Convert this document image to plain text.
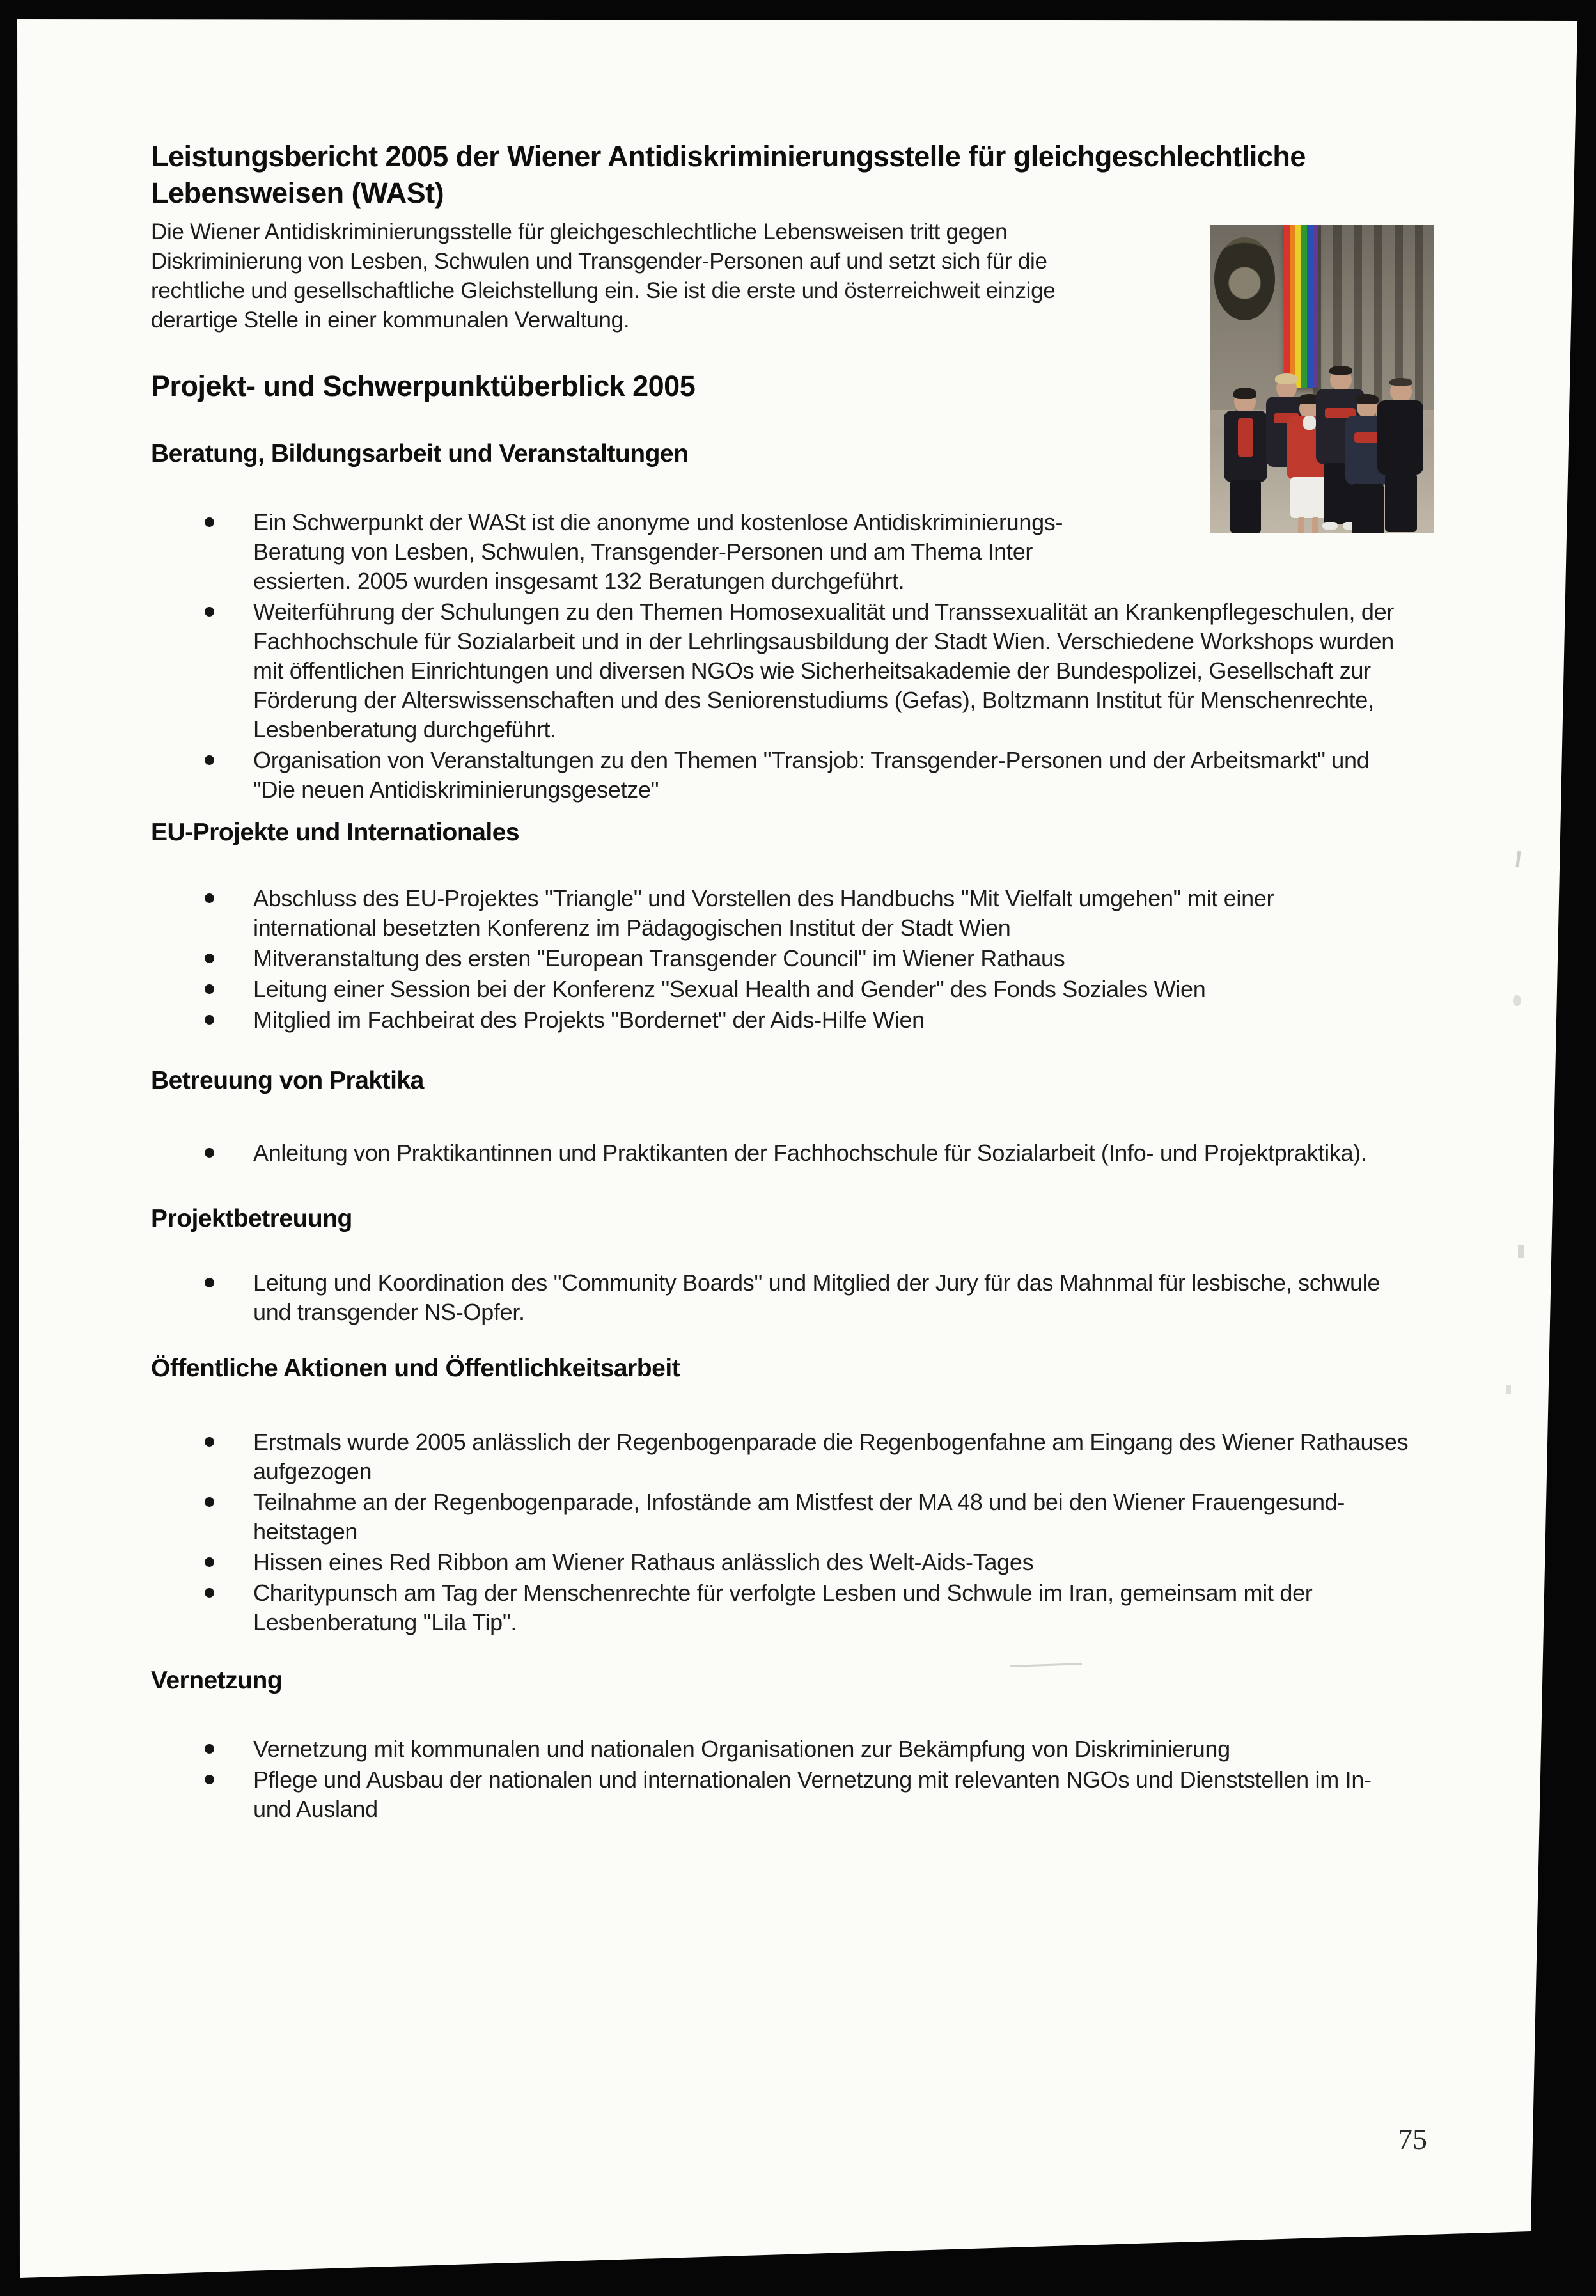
Leistungsbericht 2005 der Wiener Antidiskriminierungsstelle für gleichgeschlechtliche
Lebensweisen (WASt)
Die Wiener Antidiskriminierungsstelle für gleichgeschlechtliche Lebensweisen tritt gegen
Diskriminierung von Lesben, Schwulen und Transgender-Personen auf und setzt sich für die
rechtliche und gesellschaftliche Gleichstellung ein. Sie ist die erste und österreichweit einzige
derartige Stelle in einer kommunalen Verwaltung.
Projekt- und Schwerpunktüberblick 2005
Beratung, Bildungsarbeit und Veranstaltungen
Ein Schwerpunkt der WASt ist die anonyme und kostenlose Antidiskriminierungs-
Beratung von Lesben, Schwulen, Transgender-Personen und am Thema Inter
essierten. 2005 wurden insgesamt 132 Beratungen durchgeführt.
Weiterführung der Schulungen zu den Themen Homosexualität und Transsexualität an Krankenpflegeschulen, der
Fachhochschule für Sozialarbeit und in der Lehrlingsausbildung der Stadt Wien. Verschiedene Workshops wurden
mit öffentlichen Einrichtungen und diversen NGOs wie Sicherheitsakademie der Bundespolizei, Gesellschaft zur
Förderung der Alterswissenschaften und des Seniorenstudiums (Gefas), Boltzmann Institut für Menschenrechte,
Lesbenberatung durchgeführt.
Organisation von Veranstaltungen zu den Themen "Transjob: Transgender-Personen und der Arbeitsmarkt" und
"Die neuen Antidiskriminierungsgesetze"
EU-Projekte und Internationales
Abschluss des EU-Projektes "Triangle" und Vorstellen des Handbuchs "Mit Vielfalt umgehen" mit einer
international besetzten Konferenz im Pädagogischen Institut der Stadt Wien
Mitveranstaltung des ersten "European Transgender Council" im Wiener Rathaus
Leitung einer Session bei der Konferenz "Sexual Health and Gender" des Fonds Soziales Wien
Mitglied im Fachbeirat des Projekts "Bordernet" der Aids-Hilfe Wien
Betreuung von Praktika
Anleitung von Praktikantinnen und Praktikanten der Fachhochschule für Sozialarbeit (Info- und Projektpraktika).
Projektbetreuung
Leitung und Koordination des "Community Boards" und Mitglied der Jury für das Mahnmal für lesbische, schwule
und transgender NS-Opfer.
Öffentliche Aktionen und Öffentlichkeitsarbeit
Erstmals wurde 2005 anlässlich der Regenbogenparade die Regenbogenfahne am Eingang des Wiener Rathauses
aufgezogen
Teilnahme an der Regenbogenparade, Infostände am Mistfest der MA 48 und bei den Wiener Frauengesund-
heitstagen
Hissen eines Red Ribbon am Wiener Rathaus anlässlich des Welt-Aids-Tages
Charitypunsch am Tag der Menschenrechte für verfolgte Lesben und Schwule im Iran, gemeinsam mit der
Lesbenberatung "Lila Tip".
Vernetzung
Vernetzung mit kommunalen und nationalen Organisationen zur Bekämpfung von Diskriminierung
Pflege und Ausbau der nationalen und internationalen Vernetzung mit relevanten NGOs und Dienststellen im In-
und Ausland
75
